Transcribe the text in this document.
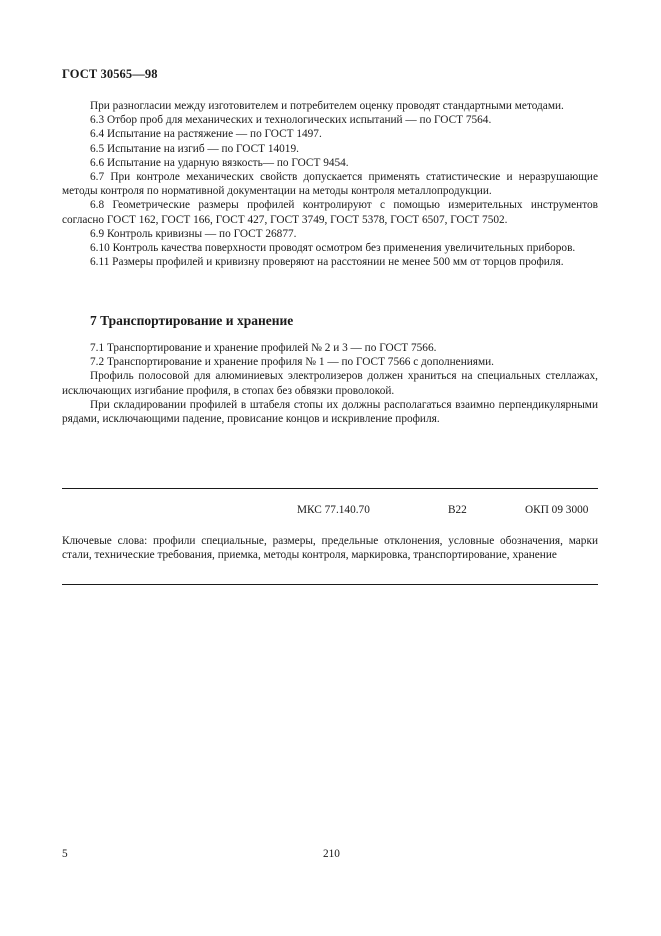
ГОСТ 30565—98

При разногласии между изготовителем и потребителем оценку проводят стандартными методами.

6.3 Отбор проб для механических и технологических испытаний — по ГОСТ 7564.

6.4 Испытание на растяжение — по ГОСТ 1497.

6.5 Испытание на изгиб — по ГОСТ 14019.

6.6 Испытание на ударную вязкость— по ГОСТ 9454.

6.7 При контроле механических свойств допускается применять статистические и неразрушающие методы контроля по нормативной документации на методы контроля металлопродукции.

6.8 Геометрические размеры профилей контролируют с помощью измерительных инструментов согласно ГОСТ 162, ГОСТ 166, ГОСТ 427, ГОСТ 3749, ГОСТ 5378, ГОСТ 6507, ГОСТ 7502.

6.9 Контроль кривизны — по ГОСТ 26877.

6.10 Контроль качества поверхности проводят осмотром без применения увеличительных приборов.

6.11 Размеры профилей и кривизну проверяют на расстоянии не менее 500 мм от торцов профиля.

7 Транспортирование и хранение

7.1 Транспортирование и хранение профилей № 2 и 3 — по ГОСТ 7566.

7.2 Транспортирование и хранение профиля № 1 — по ГОСТ 7566 с дополнениями.

Профиль полосовой для алюминиевых электролизеров должен храниться на специальных стеллажах, исключающих изгибание профиля, в стопах без обвязки проволокой.

При складировании профилей в штабеля стопы их должны располагаться взаимно перпендикулярными рядами, исключающими падение, провисание концов и искривление профиля.

МКС 77.140.70	В22	ОКП 09 3000

Ключевые слова: профили специальные, размеры, предельные отклонения, условные обозначения, марки стали, технические требования, приемка, методы контроля, маркировка, транспортирование, хранение

5	210
